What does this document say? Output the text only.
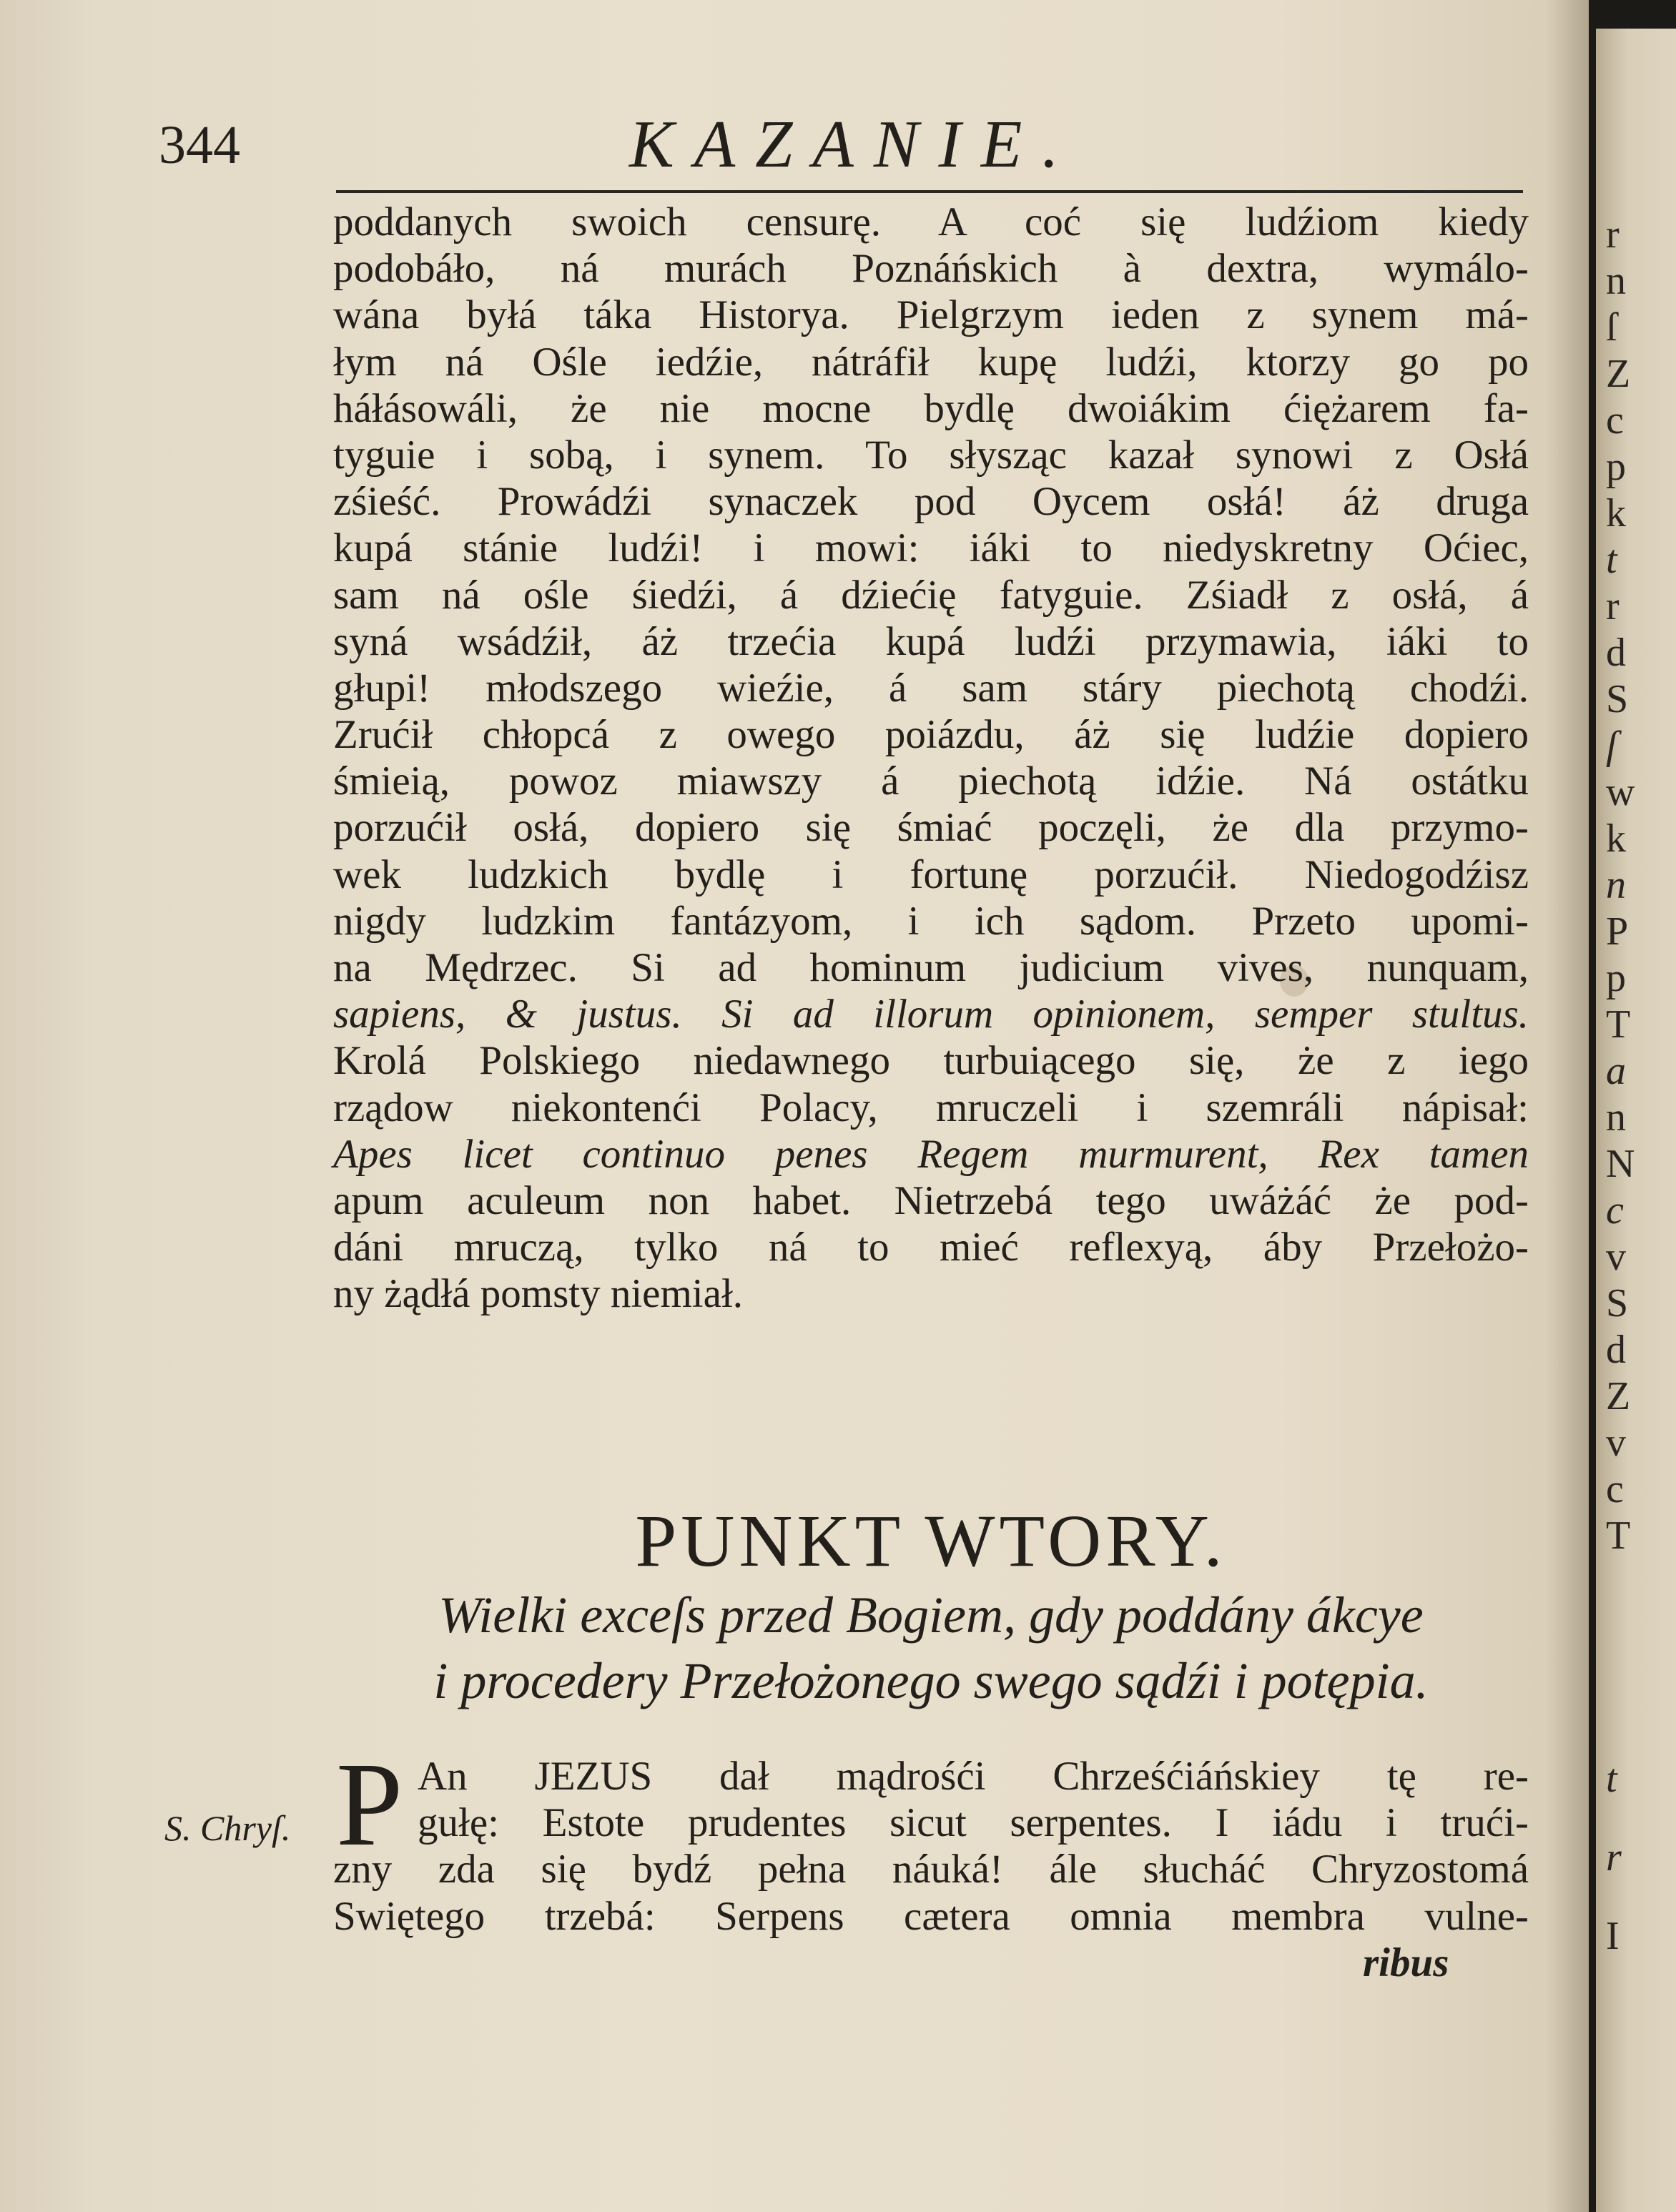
344	KAZANIE.
poddanych swoich censurę. A coć się ludźiom kiedy
podobáło, ná murách Poznáńskich à dextra, wymálo-
wána byłá táka Historya. Pielgrzym ieden z synem má-
łym ná Ośle iedźie, nátráfił kupę ludźi, ktorzy go po
háłásowáli, że nie mocne bydlę dwoiákim ćiężarem fa-
tyguie i sobą, i synem. To słysząc kazał synowi z Osłá
zśieść. Prowádźi synaczek pod Oycem osłá! áż druga
kupá stánie ludźi! i mowi: iáki to niedyskretny Oćiec,
sam ná ośle śiedźi, á dźiećię fatyguie. Zśiadł z osłá, á
syná wsádźił, áż trzećia kupá ludźi przymawia, iáki to
głupi! młodszego wieźie, á sam stáry piechotą chodźi.
Zrućił chłopcá z owego poiázdu, áż się ludźie dopiero
śmieią, powoz miawszy á piechotą idźie. Ná ostátku
porzućił osłá, dopiero się śmiać poczęli, że dla przymo-
wek ludzkich bydlę i fortunę porzućił. Niedogodźisz
nigdy ludzkim fantázyom, i ich sądom. Przeto upomi-
na Mędrzec. Si ad hominum judicium vives, nunquam,
sapiens, & justus. Si ad illorum opinionem, semper stultus.
Krolá Polskiego niedawnego turbuiącego się, że z iego
rządow niekontenći Polacy, mruczeli i szemráli nápisał:
Apes licet continuo penes Regem murmurent, Rex tamen
apum aculeum non habet. Nietrzebá tego uwáżáć że pod-
dáni mruczą, tylko ná to mieć reflexyą, áby Przełożo-
ny żądłá pomsty niemiał.
PUNKT WTORY.
Wielki exceſs przed Bogiem, gdy poddány ákcye
i procedery Przełożonego swego sądźi i potępia.
P
S. Chryſ.
An JEZUS dał mądrośći Chrześćiáńskiey tę re-
gułę: Estote prudentes sicut serpentes. I iádu i trući-
zny zda się bydź pełna náuká! ále słucháć Chryzostomá
Swiętego trzebá: Serpens cætera omnia membra vulne-
ribus
r
n
ſ
Z
c
p
k
t
r
d
S
ſ
w
k
n
P
p
T
a
n
N
c
v
S
d
Z
v
c
T
t
r
I
